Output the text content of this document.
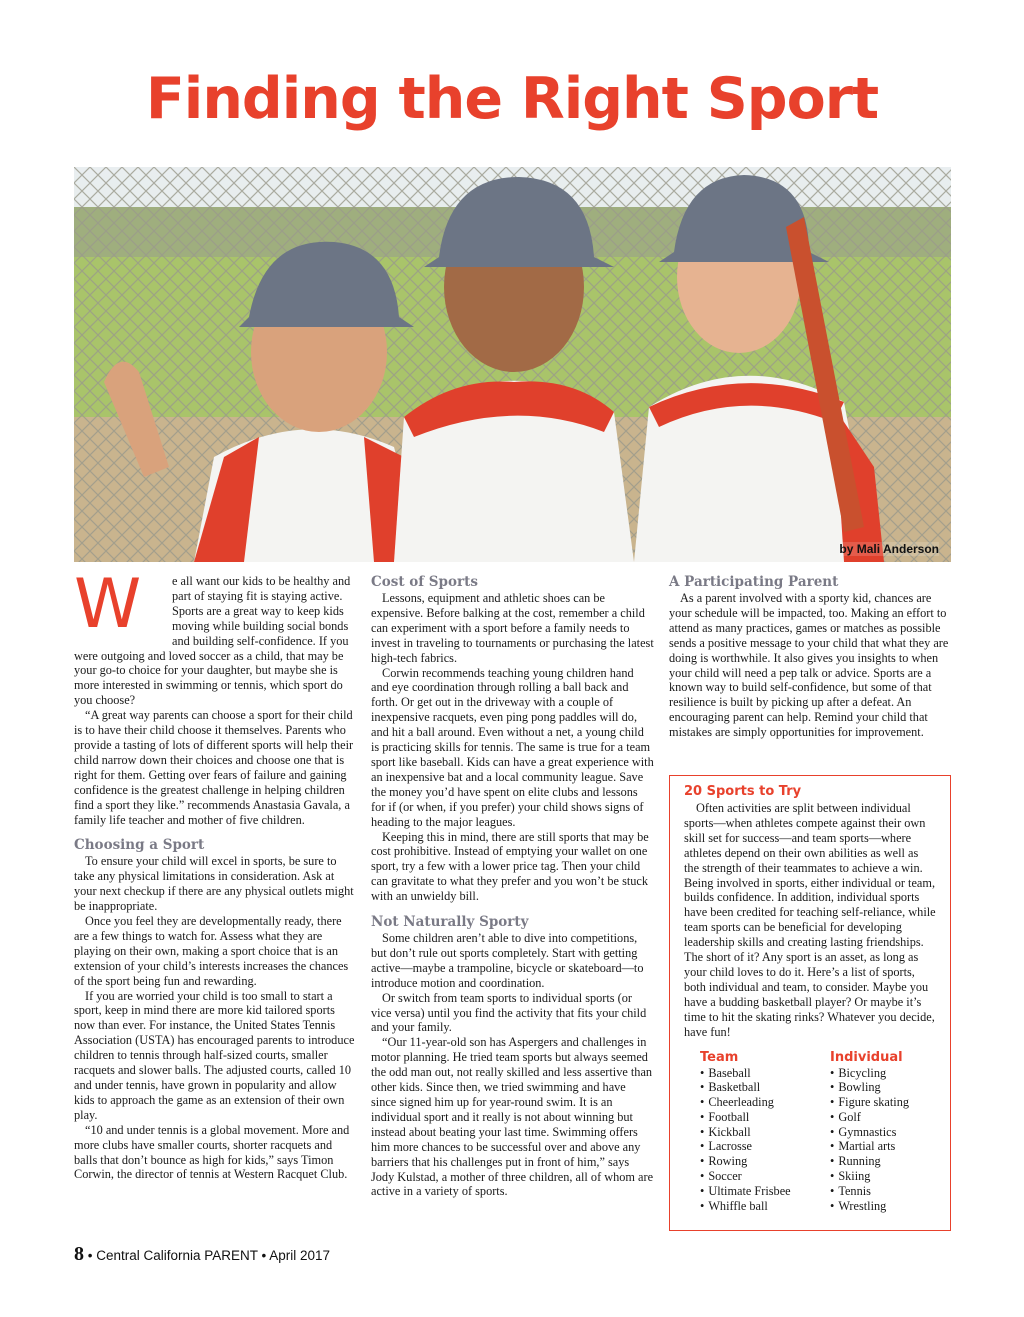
Finding the Right Sport
by Mali Anderson

W	e all want our kids to be healthy and part of staying fit is staying active. Sports are a great way to keep kids moving while building social bonds and building self-confidence. If you were outgoing and loved soccer as a child, that may be your go-to choice for your daughter, but maybe she is more interested in swimming or tennis, which sport do you choose?

“A great way parents can choose a sport for their child is to have their child choose it themselves. Parents who provide a tasting of lots of different sports will help their child narrow down their choices and choose one that is right for them. Getting over fears of failure and gaining confidence is the greatest challenge in helping children find a sport they like.” recommends Anastasia Gavala, a family life teacher and mother of five children.

Choosing a Sport

To ensure your child will excel in sports, be sure to take any physical limitations in consideration. Ask at your next checkup if there are any physical outlets might be inappropriate.

Once you feel they are developmentally ready, there are a few things to watch for. Assess what they are playing on their own, making a sport choice that is an extension of your child’s interests increases the chances of the sport being fun and rewarding.

If you are worried your child is too small to start a sport, keep in mind there are more kid tailored sports now than ever. For instance, the United States Tennis Association (USTA) has encouraged parents to introduce children to tennis through half-sized courts, smaller racquets and slower balls. The adjusted courts, called 10 and under tennis, have grown in popularity and allow kids to approach the game as an extension of their own play.

“10 and under tennis is a global movement. More and more clubs have smaller courts, shorter racquets and balls that don’t bounce as high for kids,” says Timon Corwin, the director of tennis at Western Racquet Club.

Cost of Sports

Lessons, equipment and athletic shoes can be expensive. Before balking at the cost, remember a child can experiment with a sport before a family needs to invest in traveling to tournaments or purchasing the latest high-tech fabrics.

Corwin recommends teaching young children hand and eye coordination through rolling a ball back and forth. Or get out in the driveway with a couple of inexpensive racquets, even ping pong paddles will do, and hit a ball around. Even without a net, a young child is practicing skills for tennis. The same is true for a team sport like baseball. Kids can have a great experience with an inexpensive bat and a local community league. Save the money you’d have spent on elite clubs and lessons for if (or when, if you prefer) your child shows signs of heading to the major leagues.

Keeping this in mind, there are still sports that may be cost prohibitive. Instead of emptying your wallet on one sport, try a few with a lower price tag. Then your child can gravitate to what they prefer and you won’t be stuck with an unwieldy bill.

Not Naturally Sporty

Some children aren’t able to dive into competitions, but don’t rule out sports completely. Start with getting active—maybe a trampoline, bicycle or skateboard—to introduce motion and coordination.

Or switch from team sports to individual sports (or vice versa) until you find the activity that fits your child and your family.

“Our 11-year-old son has Aspergers and challenges in motor planning. He tried team sports but always seemed the odd man out, not really skilled and less assertive than other kids. Since then, we tried swimming and have since signed him up for year-round swim. It is an individual sport and it really is not about winning but instead about beating your last time. Swimming offers him more chances to be successful over and above any barriers that his challenges put in front of him,” says Jody Kulstad, a mother of three children, all of whom are active in a variety of sports.

A Participating Parent

As a parent involved with a sporty kid, chances are your schedule will be impacted, too. Making an effort to attend as many practices, games or matches as possible sends a positive message to your child that what they are doing is worthwhile. It also gives you insights to when your child will need a pep talk or advice. Sports are a known way to build self-confidence, but some of that resilience is built by picking up after a defeat. An encouraging parent can help. Remind your child that mistakes are simply opportunities for improvement.

20 Sports to Try

Often activities are split between individual sports—when athletes compete against their own skill set for success—and team sports—where athletes depend on their own abilities as well as the strength of their teammates to achieve a win. Being involved in sports, either individual or team, builds confidence. In addition, individual sports have been credited for teaching self-reliance, while team sports can be beneficial for developing leadership skills and creating lasting friendships. The short of it? Any sport is an asset, as long as your child loves to do it. Here’s a list of sports, both individual and team, to consider. Maybe you have a budding basketball player? Or maybe it’s time to hit the skating rinks? Whatever you decide, have fun!

Team
• Baseball
• Basketball
• Cheerleading
• Football
• Kickball
• Lacrosse
• Rowing
• Soccer
• Ultimate Frisbee
• Whiffle ball
Individual
• Bicycling
• Bowling
• Figure skating
• Golf
• Gymnastics
• Martial arts
• Running
• Skiing
• Tennis
• Wrestling
8 • Central California PARENT • April 2017
